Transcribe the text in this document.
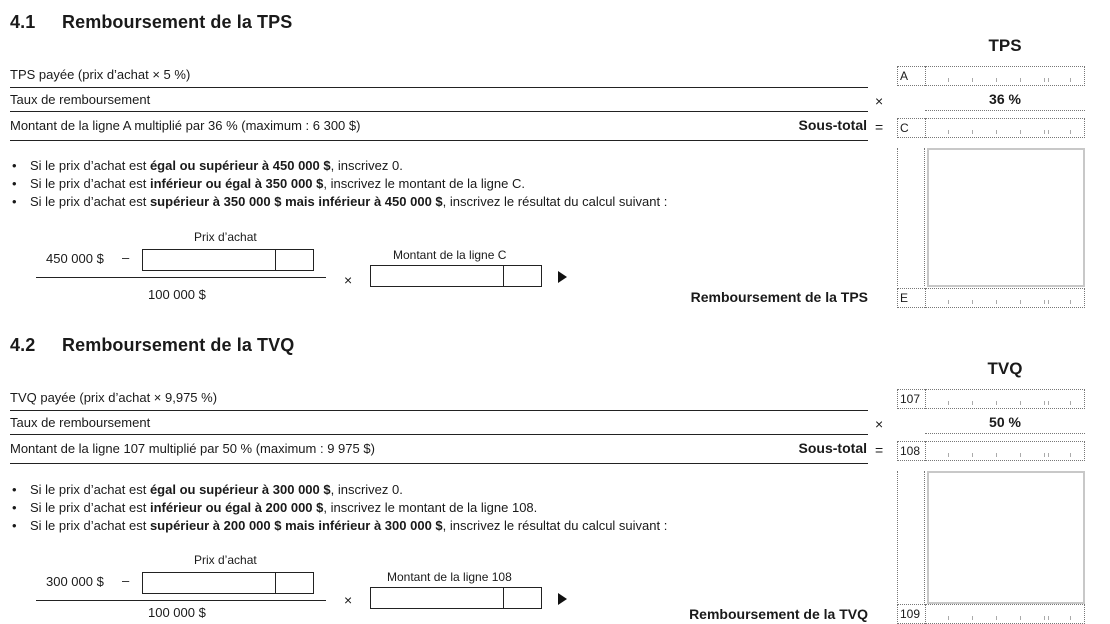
4.1 Remboursement de la TPS
TPS
TPS payée (prix d’achat × 5 %)	A
Taux de remboursement	×	36 %
Montant de la ligne A multiplié par 36 % (maximum : 6 300 $)	Sous-total = C
• Si le prix d’achat est égal ou supérieur à 450 000 $, inscrivez 0.
• Si le prix d’achat est inférieur ou égal à 350 000 $, inscrivez le montant de la ligne C.
• Si le prix d’achat est supérieur à 350 000 $ mais inférieur à 450 000 $, inscrivez le résultat du calcul suivant :
Prix d’achat
450 000 $ –
100 000 $
×
Montant de la ligne C
Remboursement de la TPS	E
4.2 Remboursement de la TVQ
TVQ
TVQ payée (prix d’achat × 9,975 %)	107
Taux de remboursement	×	50 %
Montant de la ligne 107 multiplié par 50 % (maximum : 9 975 $)	Sous-total = 108
• Si le prix d’achat est égal ou supérieur à 300 000 $, inscrivez 0.
• Si le prix d’achat est inférieur ou égal à 200 000 $, inscrivez le montant de la ligne 108.
• Si le prix d’achat est supérieur à 200 000 $ mais inférieur à 300 000 $, inscrivez le résultat du calcul suivant :
Prix d’achat
300 000 $ –
100 000 $
×
Montant de la ligne 108
Remboursement de la TVQ	109
